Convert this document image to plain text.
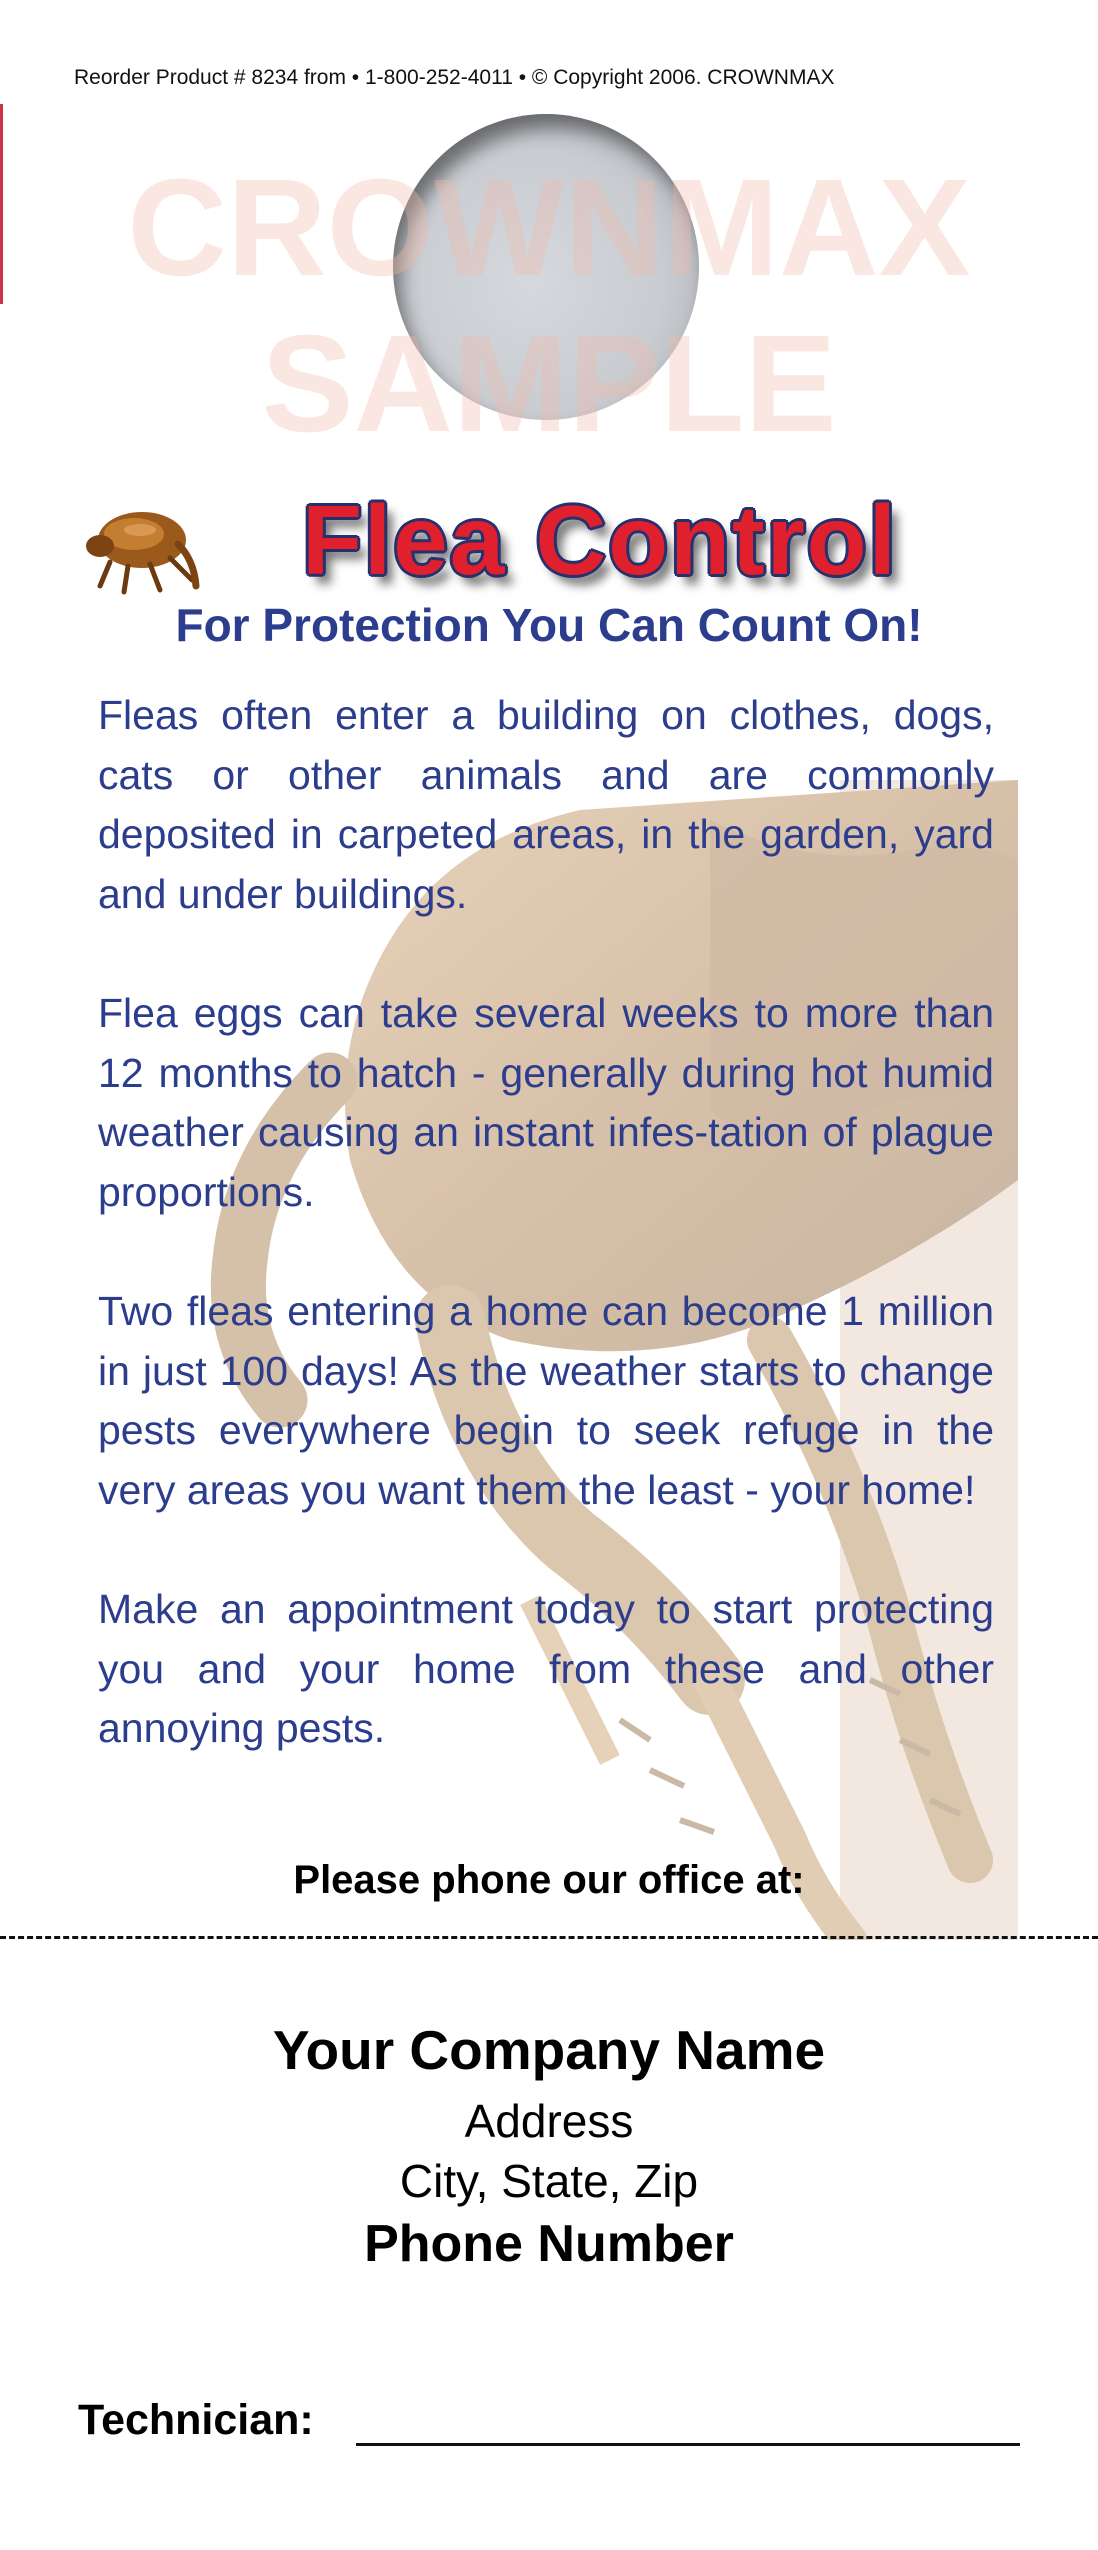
Reorder Product # 8234 from • 1-800-252-4011 • © Copyright 2006. CROWNMAX
CROWNMAX
SAMPLE
Flea Control
For Protection You Can Count On!

Fleas often enter a building on clothes, dogs, cats or other animals and are commonly deposited in carpeted areas, in the garden, yard and under buildings.

Flea eggs can take several weeks to more than 12 months to hatch - generally during hot humid weather causing an instant infes-tation of plague proportions.

Two fleas entering a home can become 1 million in just 100 days! As the weather starts to change pests everywhere begin to seek refuge in the very areas you want them the least - your home!

Make an appointment today to start protecting you and your home from these and other annoying pests.

Please phone our office at:
Your Company Name
Address
City, State, Zip
Phone Number
Technician:
